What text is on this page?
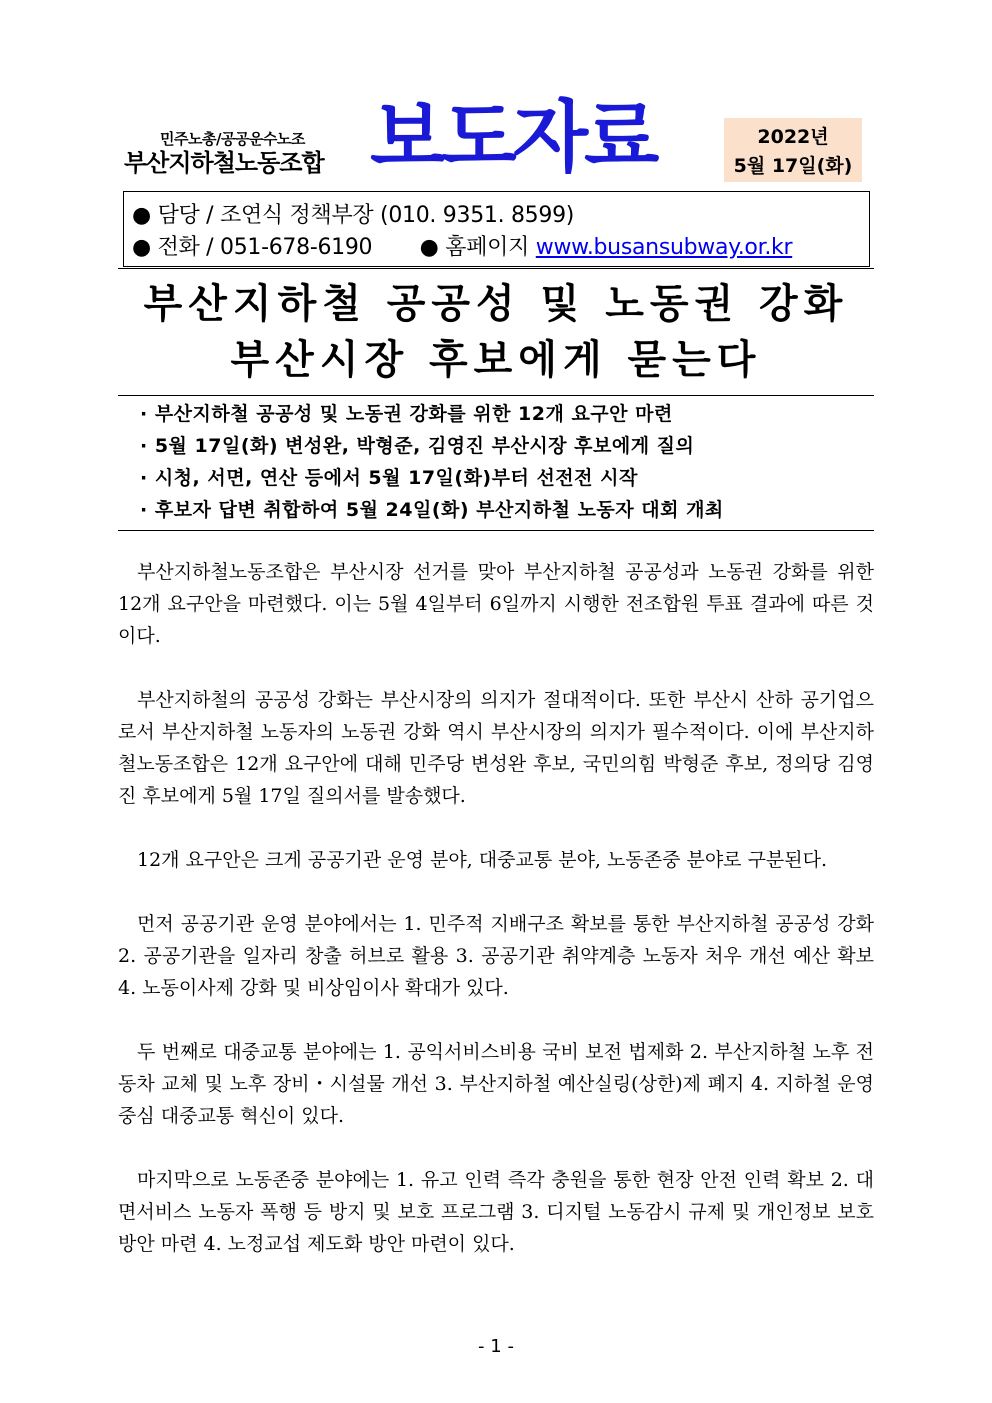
민주노총/공공운수노조
부산지하철노동조합 보도자료	2022년
5월 17일(화)
● 담당 / 조연식 정책부장 (010. 9351. 8599)
● 전화 / 051-678-6190 ● 홈페이지 www.busansubway.or.kr
부산지하철 공공성 및 노동권 강화
부산시장 후보에게 묻는다
· 부산지하철 공공성 및 노동권 강화를 위한 12개 요구안 마련
· 5월 17일(화) 변성완, 박형준, 김영진 부산시장 후보에게 질의
· 시청, 서면, 연산 등에서 5월 17일(화)부터 선전전 시작
· 후보자 답변 취합하여 5월 24일(화) 부산지하철 노동자 대회 개최

부산지하철노동조합은 부산시장 선거를 맞아 부산지하철 공공성과 노동권 강화를 위한 12개 요구안을 마련했다. 이는 5월 4일부터 6일까지 시행한 전조합원 투표 결과에 따른 것이다.

부산지하철의 공공성 강화는 부산시장의 의지가 절대적이다. 또한 부산시 산하 공기업으로서 부산지하철 노동자의 노동권 강화 역시 부산시장의 의지가 필수적이다. 이에 부산지하철노동조합은 12개 요구안에 대해 민주당 변성완 후보, 국민의힘 박형준 후보, 정의당 김영진 후보에게 5월 17일 질의서를 발송했다.

12개 요구안은 크게 공공기관 운영 분야, 대중교통 분야, 노동존중 분야로 구분된다.

먼저 공공기관 운영 분야에서는 1. 민주적 지배구조 확보를 통한 부산지하철 공공성 강화 2. 공공기관을 일자리 창출 허브로 활용 3. 공공기관 취약계층 노동자 처우 개선 예산 확보 4. 노동이사제 강화 및 비상임이사 확대가 있다.

두 번째로 대중교통 분야에는 1. 공익서비스비용 국비 보전 법제화 2. 부산지하철 노후 전동차 교체 및 노후 장비・시설물 개선 3. 부산지하철 예산실링(상한)제 폐지 4. 지하철 운영 중심 대중교통 혁신이 있다.

마지막으로 노동존중 분야에는 1. 유고 인력 즉각 충원을 통한 현장 안전 인력 확보 2. 대면서비스 노동자 폭행 등 방지 및 보호 프로그램 3. 디지털 노동감시 규제 및 개인정보 보호 방안 마련 4. 노정교섭 제도화 방안 마련이 있다.

- 1 -
